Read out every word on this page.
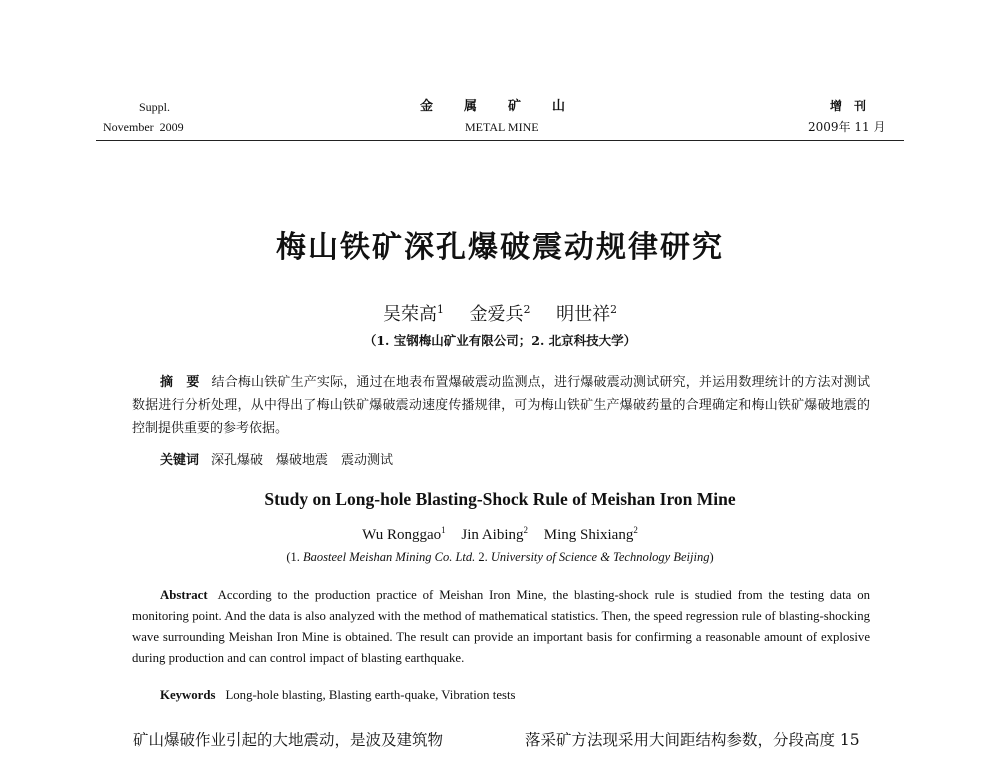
Suppl.
November  2009
金　属　矿　山
METAL MINE
增　刊
2009年 11 月
梅山铁矿深孔爆破震动规律研究
吴荣高$^1$ 金爱兵$^2$ 明世祥$^2$
（1. 宝钢梅山矿业有限公司；2. 北京科技大学）
摘　要 结合梅山铁矿生产实际，通过在地表布置爆破震动监测点，进行爆破震动测试研究，并运用数理统计的方法对测试数据进行分析处理，从中得出了梅山铁矿爆破震动速度传播规律，可为梅山铁矿生产爆破药量的合理确定和梅山铁矿爆破地震的控制提供重要的参考依据。
关键词 深孔爆破　爆破地震　震动测试
Study on Long-hole Blasting-Shock Rule of Meishan Iron Mine
Wu Ronggao$^1$ Jin Aibing$^2$ Ming Shixiang$^2$
(1. Baosteel Meishan Mining Co. Ltd. 2. University of Science & Technology Beijing)
Abstract According to the production practice of Meishan Iron Mine, the blasting-shock rule is studied from the testing data on monitoring point. And the data is also analyzed with the method of mathematical statistics. Then, the speed regression rule of blasting-shocking wave surrounding Meishan Iron Mine is obtained. The result can provide an important basis for confirming a reasonable amount of explosive during production and can control impact of blasting earthquake.
Keywords Long-hole blasting, Blasting earth-quake, Vibration tests
矿山爆破作业引起的大地震动，是波及建筑物	落采矿方法现采用大间距结构参数，分段高度 15
